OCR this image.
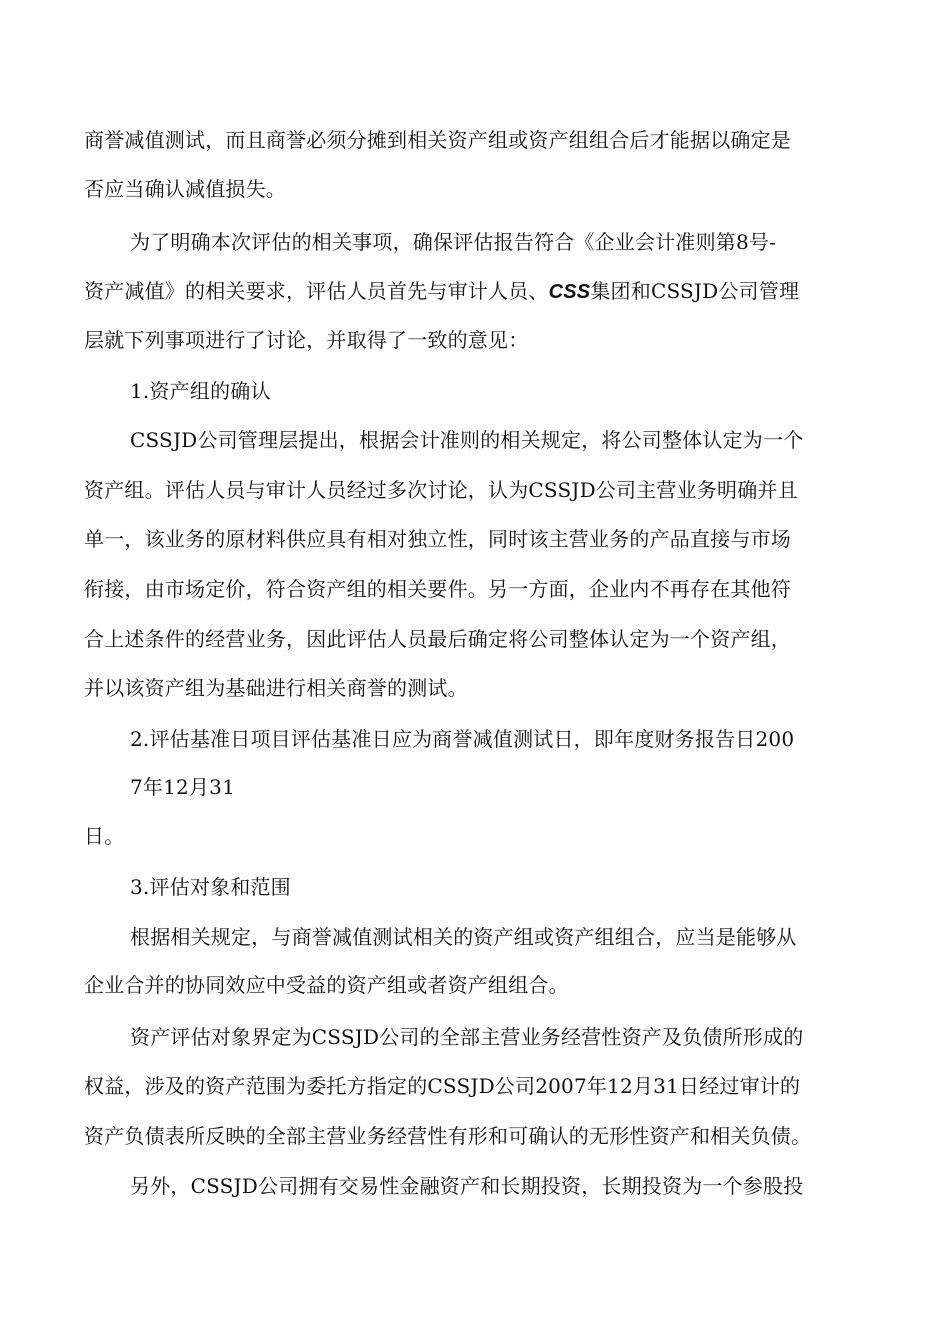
商誉减值测试，而且商誉必须分摊到相关资产组或资产组组合后才能据以确定是
否应当确认减值损失。
为了明确本次评估的相关事项，确保评估报告符合《企业会计准则第8号-
资产减值》的相关要求，评估人员首先与审计人员、CSS集团和CSSJD公司管理
层就下列事项进行了讨论，并取得了一致的意见：
1.资产组的确认
CSSJD公司管理层提出，根据会计准则的相关规定，将公司整体认定为一个
资产组。评估人员与审计人员经过多次讨论，认为CSSJD公司主营业务明确并且
单一，该业务的原材料供应具有相对独立性，同时该主营业务的产品直接与市场
衔接，由市场定价，符合资产组的相关要件。另一方面，企业内不再存在其他符
合上述条件的经营业务，因此评估人员最后确定将公司整体认定为一个资产组，
并以该资产组为基础进行相关商誉的测试。
2.评估基准日项目评估基准日应为商誉减值测试日，即年度财务报告日200
7年12月31
日。
3.评估对象和范围
根据相关规定，与商誉减值测试相关的资产组或资产组组合，应当是能够从
企业合并的协同效应中受益的资产组或者资产组组合。
资产评估对象界定为CSSJD公司的全部主营业务经营性资产及负债所形成的
权益，涉及的资产范围为委托方指定的CSSJD公司2007年12月31日经过审计的
资产负债表所反映的全部主营业务经营性有形和可确认的无形性资产和相关负债。
另外，CSSJD公司拥有交易性金融资产和长期投资，长期投资为一个参股投
